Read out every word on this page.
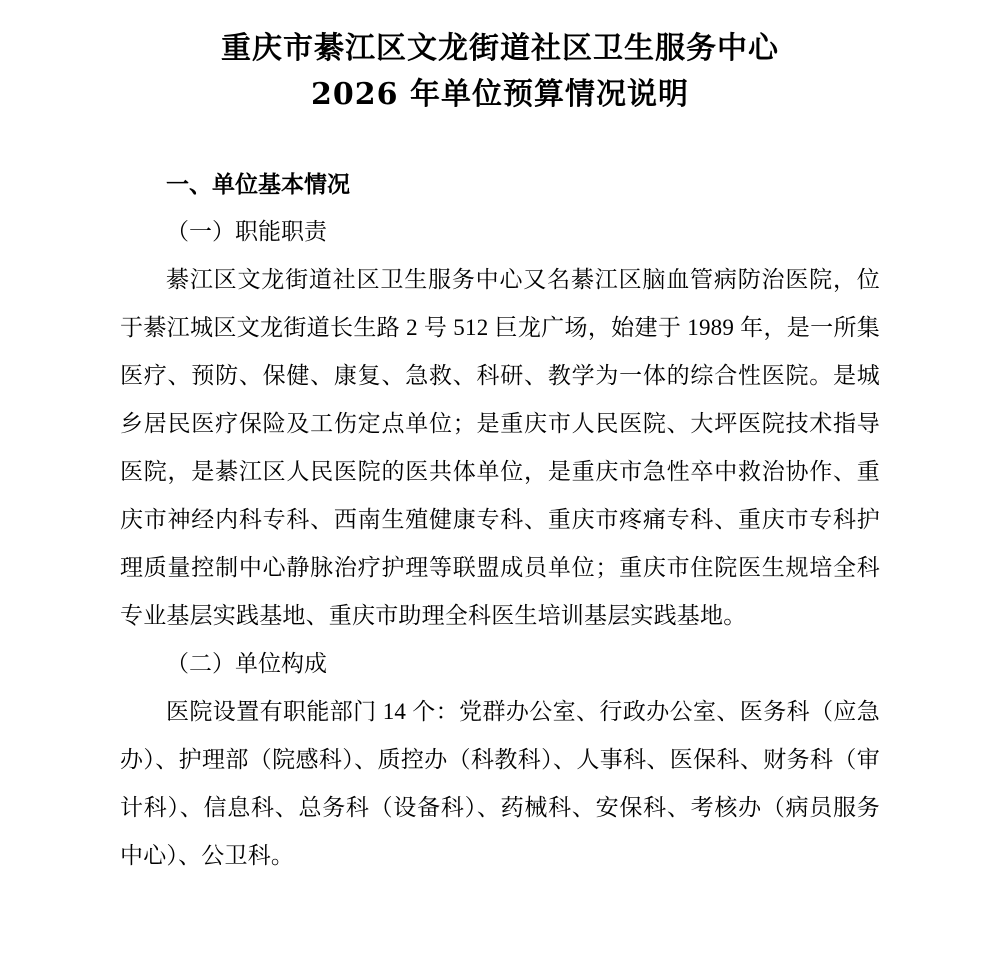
重庆市綦江区文龙街道社区卫生服务中心
2026 年单位预算情况说明
一、单位基本情况

（一）职能职责

綦江区文龙街道社区卫生服务中心又名綦江区脑血管病防治医院，位于綦江城区文龙街道长生路 2 号 512 巨龙广场，始建于 1989 年，是一所集医疗、预防、保健、康复、急救、科研、教学为一体的综合性医院。是城乡居民医疗保险及工伤定点单位；是重庆市人民医院、大坪医院技术指导医院，是綦江区人民医院的医共体单位，是重庆市急性卒中救治协作、重庆市神经内科专科、西南生殖健康专科、重庆市疼痛专科、重庆市专科护理质量控制中心静脉治疗护理等联盟成员单位；重庆市住院医生规培全科专业基层实践基地、重庆市助理全科医生培训基层实践基地。

（二）单位构成

医院设置有职能部门 14 个：党群办公室、行政办公室、医务科（应急办）、护理部（院感科）、质控办（科教科）、人事科、医保科、财务科（审计科）、信息科、总务科（设备科）、药械科、安保科、考核办（病员服务中心）、公卫科。
